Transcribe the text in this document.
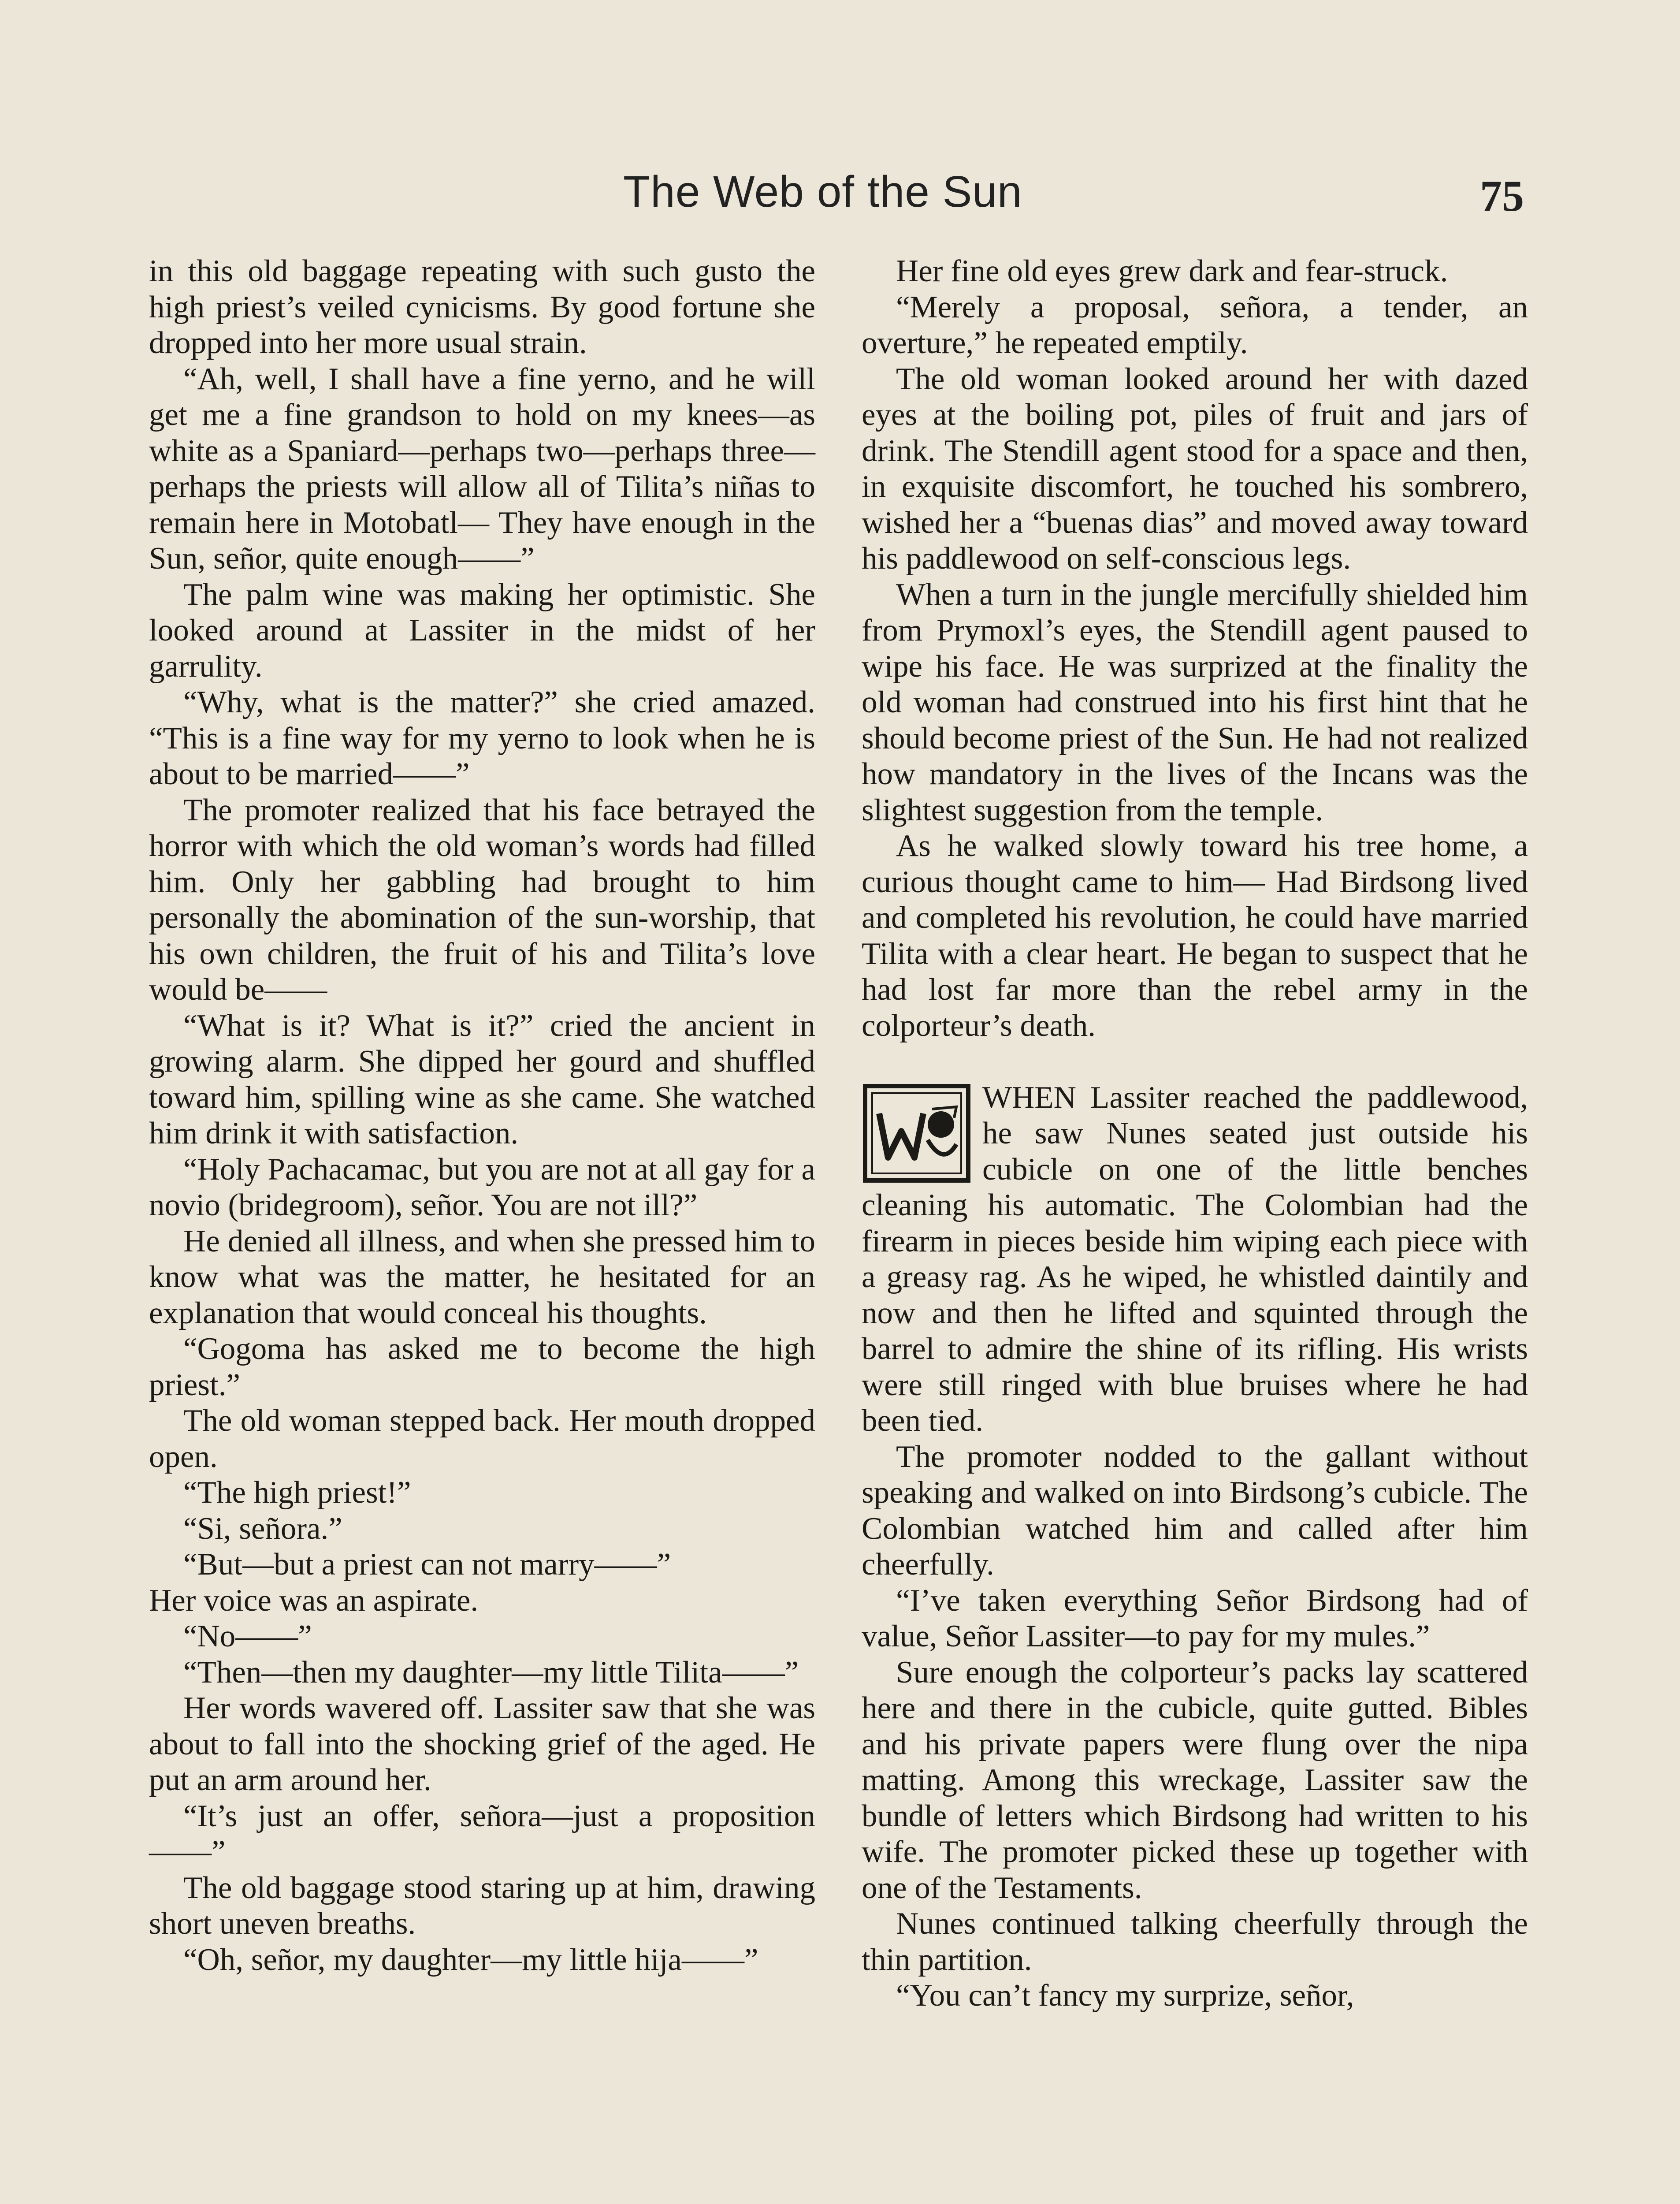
The Web of the Sun	75

in this old baggage repeating with such gusto the high priest’s veiled cynicisms. By good fortune she dropped into her more usual strain.

“Ah, well, I shall have a fine yerno, and he will get me a fine grandson to hold on my knees—as white as a Spaniard—perhaps two—perhaps three—perhaps the priests will allow all of Tilita’s niñas to remain here in Motobatl— They have enough in the Sun, señor, quite enough——”

The palm wine was making her optimistic. She looked around at Lassiter in the midst of her garrulity.

“Why, what is the matter?” she cried amazed. “This is a fine way for my yerno to look when he is about to be married——”

The promoter realized that his face betrayed the horror with which the old woman’s words had filled him. Only her gabbling had brought to him personally the abomination of the sun-worship, that his own children, the fruit of his and Tilita’s love would be——

“What is it? What is it?” cried the ancient in growing alarm. She dipped her gourd and shuffled toward him, spilling wine as she came. She watched him drink it with satisfaction.

“Holy Pachacamac, but you are not at all gay for a novio (bridegroom), señor. You are not ill?”

He denied all illness, and when she pressed him to know what was the matter, he hesitated for an explanation that would conceal his thoughts.

“Gogoma has asked me to become the high priest.”

The old woman stepped back. Her mouth dropped open.

“The high priest!”

“Si, señora.”

“But—but a priest can not marry——”

Her voice was an aspirate.

“No——”

“Then—then my daughter—my little Tilita——”

Her words wavered off. Lassiter saw that she was about to fall into the shocking grief of the aged. He put an arm around her.

“It’s just an offer, señora—just a proposition——”

The old baggage stood staring up at him, drawing short uneven breaths.

“Oh, señor, my daughter—my little hija——”

Her fine old eyes grew dark and fear-struck.

“Merely a proposal, señora, a tender, an overture,” he repeated emptily.

The old woman looked around her with dazed eyes at the boiling pot, piles of fruit and jars of drink. The Stendill agent stood for a space and then, in exquisite discomfort, he touched his sombrero, wished her a “buenas dias” and moved away toward his paddlewood on self-conscious legs.

When a turn in the jungle mercifully shielded him from Prymoxl’s eyes, the Stendill agent paused to wipe his face. He was surprized at the finality the old woman had construed into his first hint that he should become priest of the Sun. He had not realized how mandatory in the lives of the Incans was the slightest suggestion from the temple.

As he walked slowly toward his tree home, a curious thought came to him— Had Birdsong lived and completed his revolution, he could have married Tilita with a clear heart. He began to suspect that he had lost far more than the rebel army in the colporteur’s death.

WHEN Lassiter reached the paddlewood, he saw Nunes seated just outside his cubicle on one of the little benches cleaning his automatic. The Colombian had the firearm in pieces beside him wiping each piece with a greasy rag. As he wiped, he whistled daintily and now and then he lifted and squinted through the barrel to admire the shine of its rifling. His wrists were still ringed with blue bruises where he had been tied.

The promoter nodded to the gallant without speaking and walked on into Birdsong’s cubicle. The Colombian watched him and called after him cheerfully.

“I’ve taken everything Señor Birdsong had of value, Señor Lassiter—to pay for my mules.”

Sure enough the colporteur’s packs lay scattered here and there in the cubicle, quite gutted. Bibles and his private papers were flung over the nipa matting. Among this wreckage, Lassiter saw the bundle of letters which Birdsong had written to his wife. The promoter picked these up together with one of the Testaments.

Nunes continued talking cheerfully through the thin partition.

“You can’t fancy my surprize, señor,
